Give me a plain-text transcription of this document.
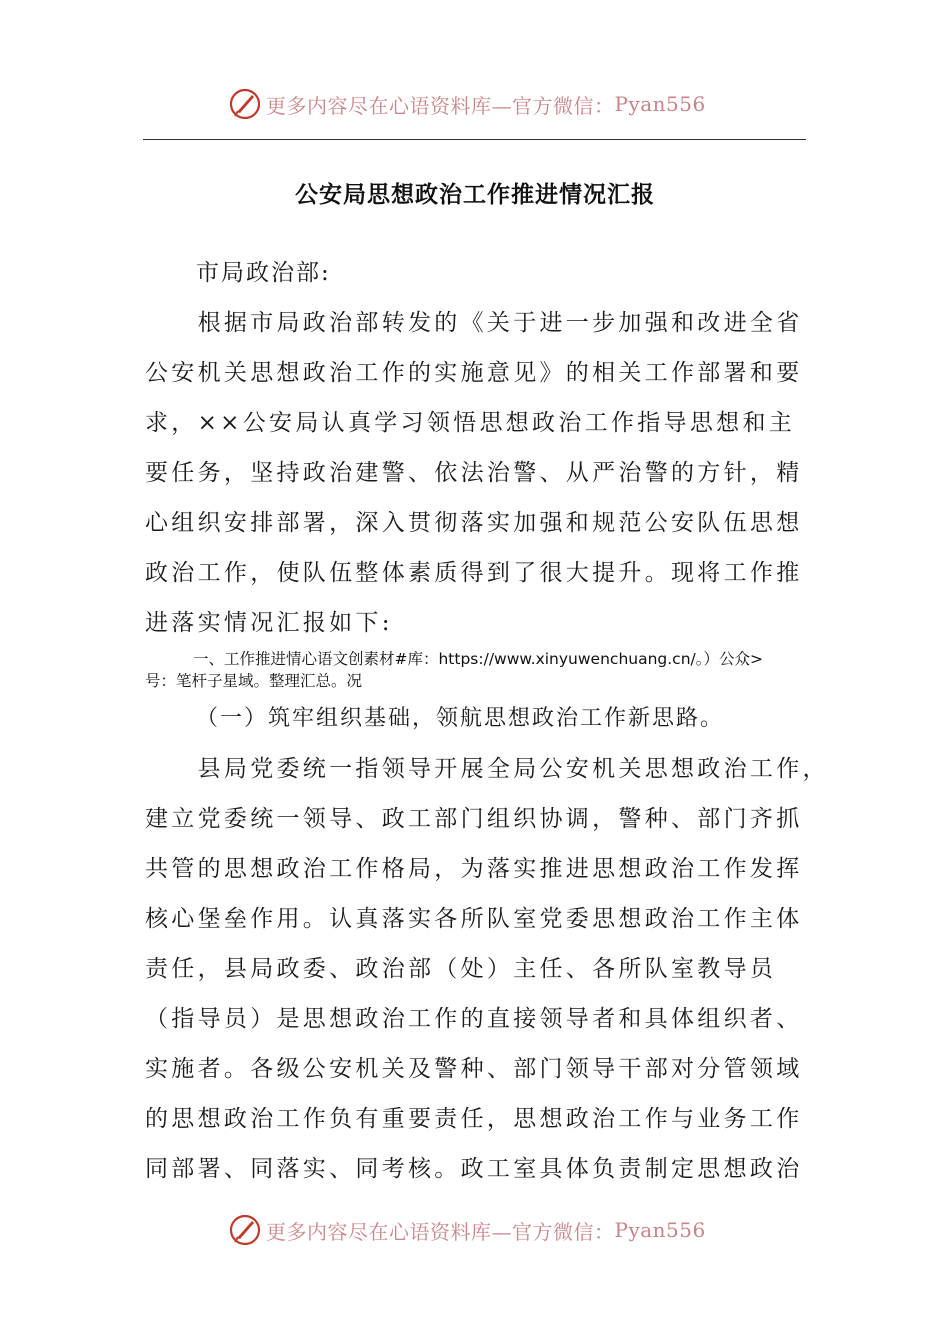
更多内容尽在心语资料库—官方微信： Pyan556
公安局思想政治工作推进情况汇报
市局政治部:
　　根据市局政治部转发的《关于进一步加强和改进全省
公安机关思想政治工作的实施意见》的相关工作部署和要
求，××公安局认真学习领悟思想政治工作指导思想和主
要任务，坚持政治建警、依法治警、从严治警的方针，精
心组织安排部署，深入贯彻落实加强和规范公安队伍思想
政治工作，使队伍整体素质得到了很大提升。现将工作推
进落实情况汇报如下:
一、工作推进情心语文创素材#库：https://www.xinyuwenchuang.cn/。）公众>
号：笔杆子星域。整理汇总。况
（一）筑牢组织基础，领航思想政治工作新思路。
　　县局党委统一指领导开展全局公安机关思想政治工作，
建立党委统一领导、政工部门组织协调，警种、部门齐抓
共管的思想政治工作格局，为落实推进思想政治工作发挥
核心堡垒作用。认真落实各所队室党委思想政治工作主体
责任，县局政委、政治部（处）主任、各所队室教导员
（指导员）是思想政治工作的直接领导者和具体组织者、
实施者。各级公安机关及警种、部门领导干部对分管领域
的思想政治工作负有重要责任，思想政治工作与业务工作
同部署、同落实、同考核。政工室具体负责制定思想政治
更多内容尽在心语资料库—官方微信： Pyan556
